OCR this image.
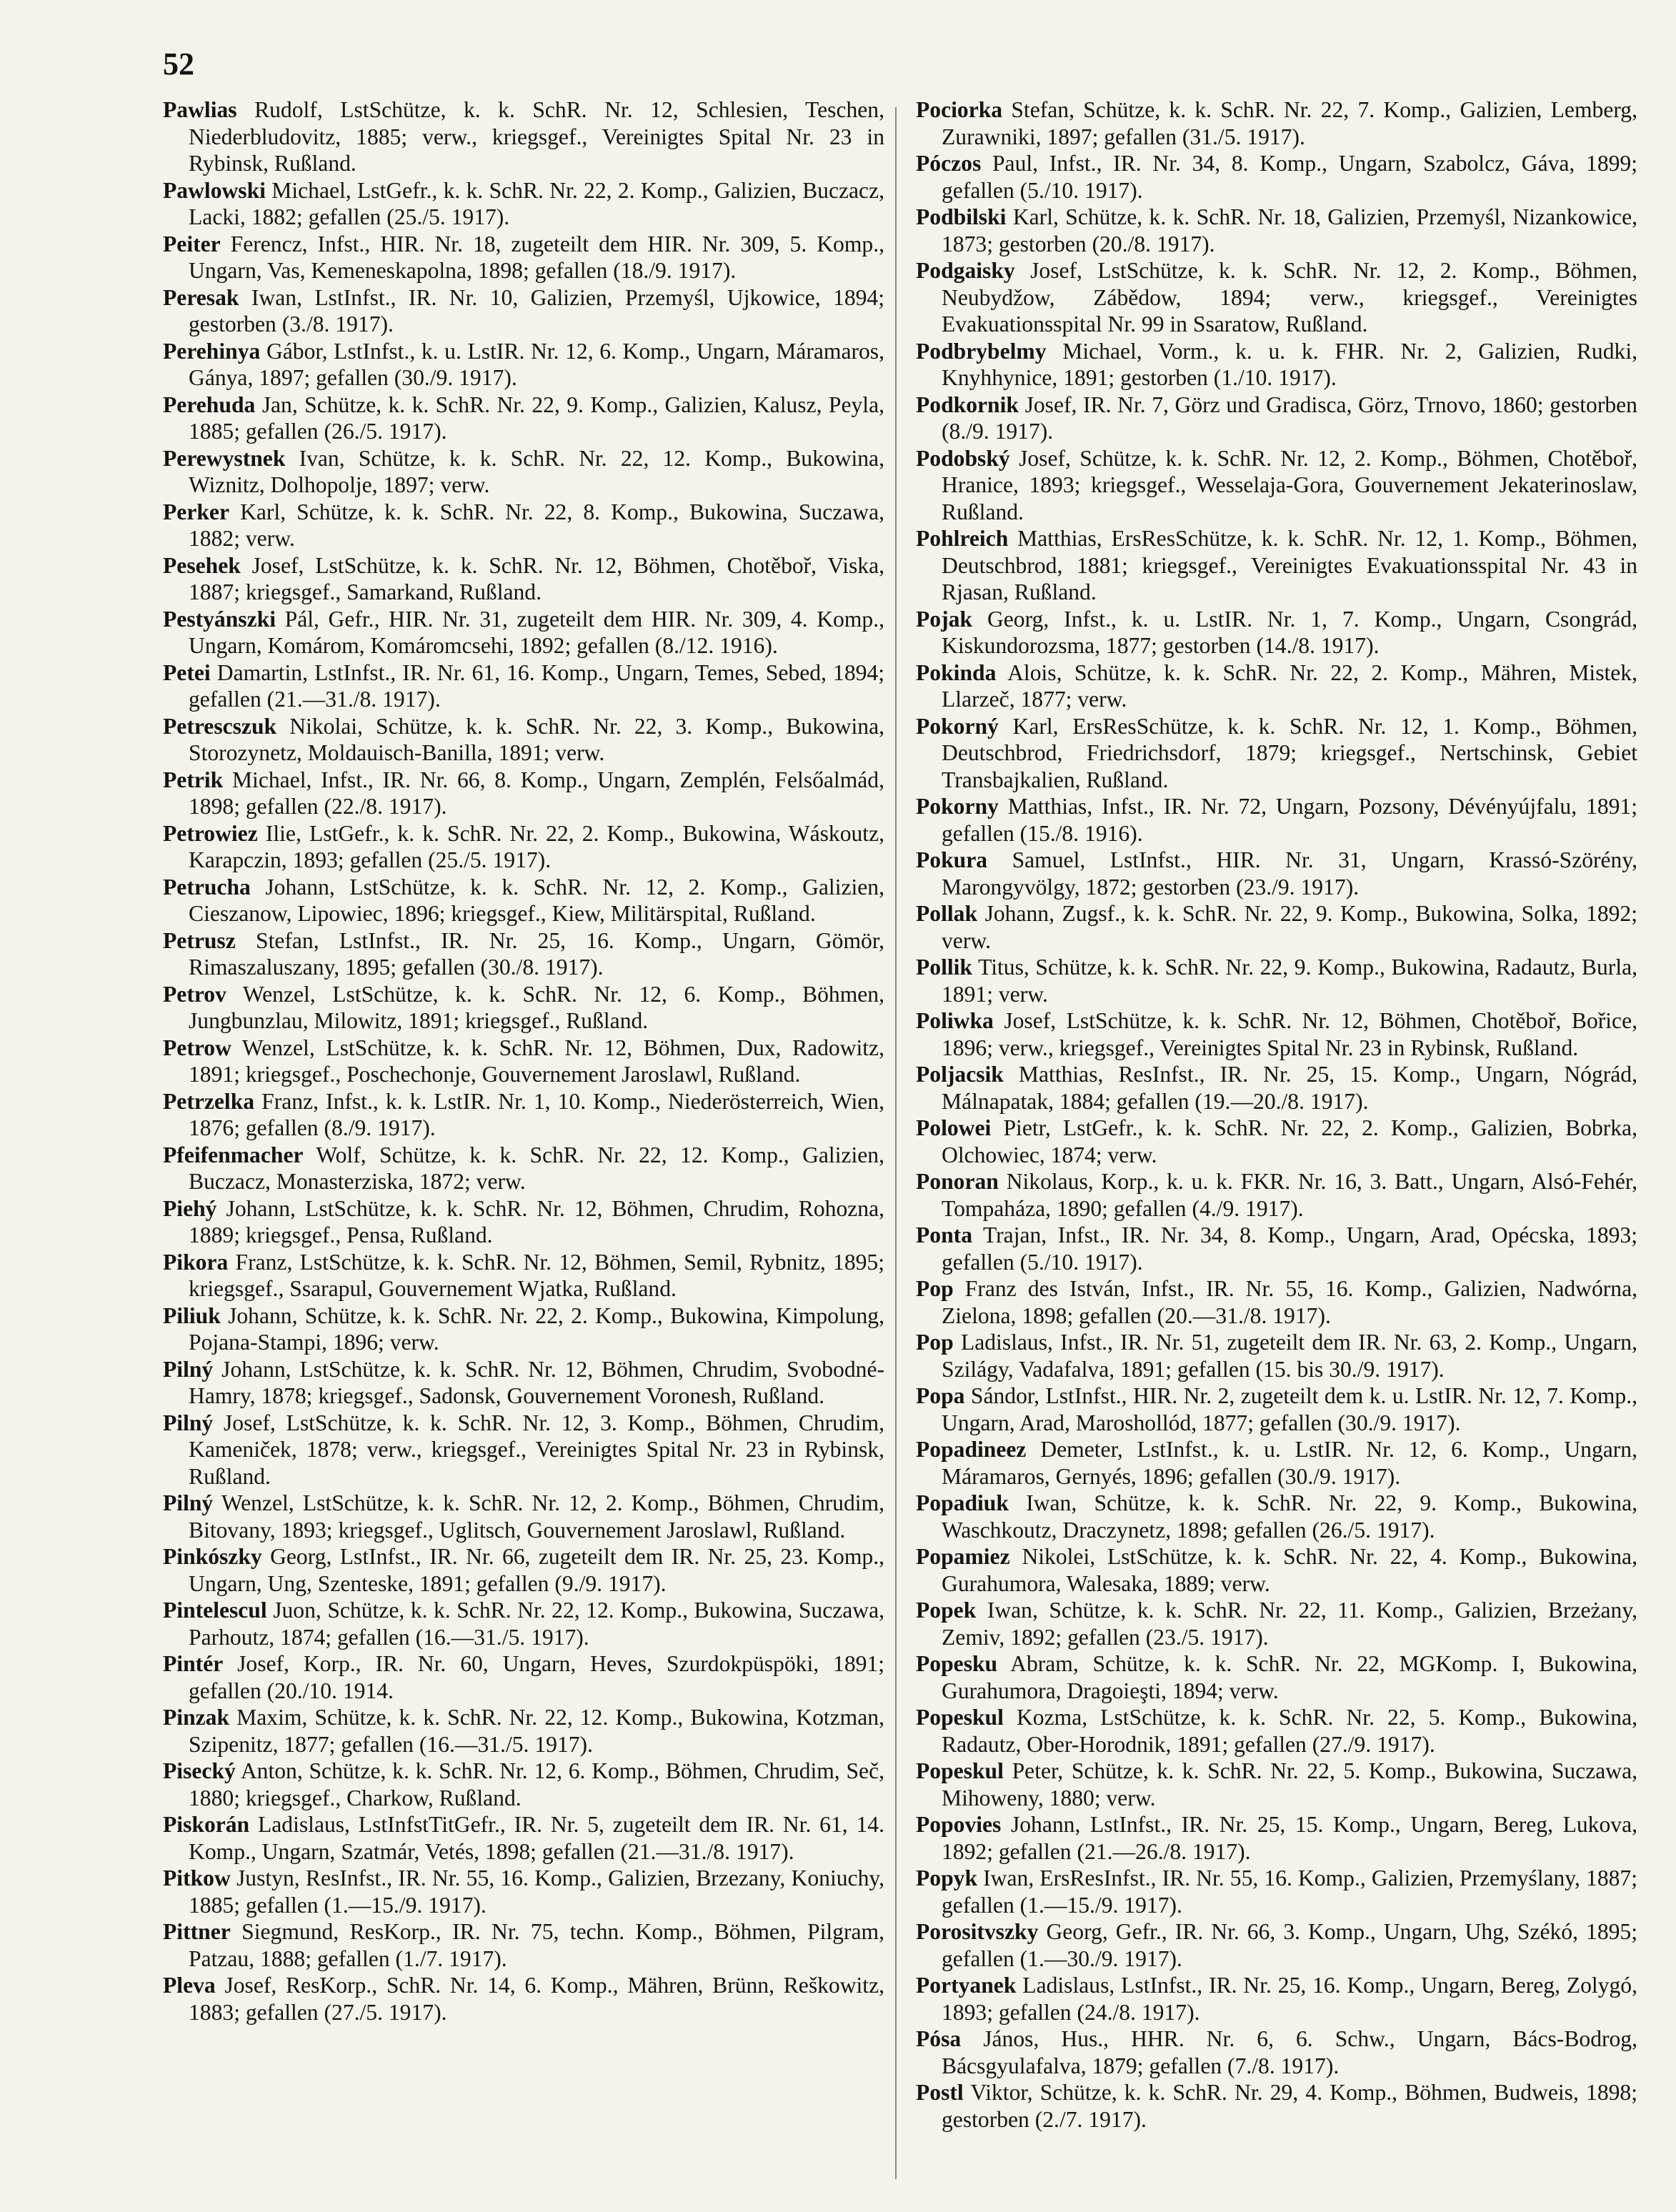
52

Pawlias Rudolf, LstSchütze, k. k. SchR. Nr. 12, Schlesien, Teschen, Niederbludovitz, 1885; verw., kriegsgef., Vereinigtes Spital Nr. 23 in Rybinsk, Rußland.

Pawlowski Michael, LstGefr., k. k. SchR. Nr. 22, 2. Komp., Galizien, Buczacz, Lacki, 1882; gefallen (25./5. 1917).

Peiter Ferencz, Infst., HIR. Nr. 18, zugeteilt dem HIR. Nr. 309, 5. Komp., Ungarn, Vas, Kemeneskapolna, 1898; gefallen (18./9. 1917).

Peresak Iwan, LstInfst., IR. Nr. 10, Galizien, Przemyśl, Ujkowice, 1894; gestorben (3./8. 1917).

Perehinya Gábor, LstInfst., k. u. LstIR. Nr. 12, 6. Komp., Ungarn, Máramaros, Gánya, 1897; gefallen (30./9. 1917).

Perehuda Jan, Schütze, k. k. SchR. Nr. 22, 9. Komp., Galizien, Kalusz, Peyla, 1885; gefallen (26./5. 1917).

Perewystnek Ivan, Schütze, k. k. SchR. Nr. 22, 12. Komp., Bukowina, Wiznitz, Dolhopolje, 1897; verw.

Perker Karl, Schütze, k. k. SchR. Nr. 22, 8. Komp., Bukowina, Suczawa, 1882; verw.

Pesehek Josef, LstSchütze, k. k. SchR. Nr. 12, Böhmen, Chotěboř, Viska, 1887; kriegsgef., Samarkand, Rußland.

Pestyánszki Pál, Gefr., HIR. Nr. 31, zugeteilt dem HIR. Nr. 309, 4. Komp., Ungarn, Komárom, Komáromcsehi, 1892; gefallen (8./12. 1916).

Petei Damartin, LstInfst., IR. Nr. 61, 16. Komp., Ungarn, Temes, Sebed, 1894; gefallen (21.—31./8. 1917).

Petrescszuk Nikolai, Schütze, k. k. SchR. Nr. 22, 3. Komp., Bukowina, Storozynetz, Moldauisch-Banilla, 1891; verw.

Petrik Michael, Infst., IR. Nr. 66, 8. Komp., Ungarn, Zemplén, Felsőalmád, 1898; gefallen (22./8. 1917).

Petrowiez Ilie, LstGefr., k. k. SchR. Nr. 22, 2. Komp., Bukowina, Wáskoutz, Karapczin, 1893; gefallen (25./5. 1917).

Petrucha Johann, LstSchütze, k. k. SchR. Nr. 12, 2. Komp., Galizien, Cieszanow, Lipowiec, 1896; kriegsgef., Kiew, Militärspital, Rußland.

Petrusz Stefan, LstInfst., IR. Nr. 25, 16. Komp., Ungarn, Gömör, Rimaszaluszany, 1895; gefallen (30./8. 1917).

Petrov Wenzel, LstSchütze, k. k. SchR. Nr. 12, 6. Komp., Böhmen, Jungbunzlau, Milowitz, 1891; kriegsgef., Rußland.

Petrow Wenzel, LstSchütze, k. k. SchR. Nr. 12, Böhmen, Dux, Radowitz, 1891; kriegsgef., Poschechonje, Gouvernement Jaroslawl, Rußland.

Petrzelka Franz, Infst., k. k. LstIR. Nr. 1, 10. Komp., Niederösterreich, Wien, 1876; gefallen (8./9. 1917).

Pfeifenmacher Wolf, Schütze, k. k. SchR. Nr. 22, 12. Komp., Galizien, Buczacz, Monasterziska, 1872; verw.

Piehý Johann, LstSchütze, k. k. SchR. Nr. 12, Böhmen, Chrudim, Rohozna, 1889; kriegsgef., Pensa, Rußland.

Pikora Franz, LstSchütze, k. k. SchR. Nr. 12, Böhmen, Semil, Rybnitz, 1895; kriegsgef., Ssarapul, Gouvernement Wjatka, Rußland.

Piliuk Johann, Schütze, k. k. SchR. Nr. 22, 2. Komp., Bukowina, Kimpolung, Pojana-Stampi, 1896; verw.

Pilný Johann, LstSchütze, k. k. SchR. Nr. 12, Böhmen, Chrudim, Svobodné-Hamry, 1878; kriegsgef., Sadonsk, Gouvernement Voronesh, Rußland.

Pilný Josef, LstSchütze, k. k. SchR. Nr. 12, 3. Komp., Böhmen, Chrudim, Kameniček, 1878; verw., kriegsgef., Vereinigtes Spital Nr. 23 in Rybinsk, Rußland.

Pilný Wenzel, LstSchütze, k. k. SchR. Nr. 12, 2. Komp., Böhmen, Chrudim, Bitovany, 1893; kriegsgef., Uglitsch, Gouvernement Jaroslawl, Rußland.

Pinkószky Georg, LstInfst., IR. Nr. 66, zugeteilt dem IR. Nr. 25, 23. Komp., Ungarn, Ung, Szenteske, 1891; gefallen (9./9. 1917).

Pintelescul Juon, Schütze, k. k. SchR. Nr. 22, 12. Komp., Bukowina, Suczawa, Parhoutz, 1874; gefallen (16.—31./5. 1917).

Pintér Josef, Korp., IR. Nr. 60, Ungarn, Heves, Szurdokpüspöki, 1891; gefallen (20./10. 1914.

Pinzak Maxim, Schütze, k. k. SchR. Nr. 22, 12. Komp., Bukowina, Kotzman, Szipenitz, 1877; gefallen (16.—31./5. 1917).

Pisecký Anton, Schütze, k. k. SchR. Nr. 12, 6. Komp., Böhmen, Chrudim, Seč, 1880; kriegsgef., Charkow, Rußland.

Piskorán Ladislaus, LstInfstTitGefr., IR. Nr. 5, zugeteilt dem IR. Nr. 61, 14. Komp., Ungarn, Szatmár, Vetés, 1898; gefallen (21.—31./8. 1917).

Pitkow Justyn, ResInfst., IR. Nr. 55, 16. Komp., Galizien, Brzezany, Koniuchy, 1885; gefallen (1.—15./9. 1917).

Pittner Siegmund, ResKorp., IR. Nr. 75, techn. Komp., Böhmen, Pilgram, Patzau, 1888; gefallen (1./7. 1917).

Pleva Josef, ResKorp., SchR. Nr. 14, 6. Komp., Mähren, Brünn, Reškowitz, 1883; gefallen (27./5. 1917).

Pociorka Stefan, Schütze, k. k. SchR. Nr. 22, 7. Komp., Galizien, Lemberg, Zurawniki, 1897; gefallen (31./5. 1917).

Póczos Paul, Infst., IR. Nr. 34, 8. Komp., Ungarn, Szabolcz, Gáva, 1899; gefallen (5./10. 1917).

Podbilski Karl, Schütze, k. k. SchR. Nr. 18, Galizien, Przemyśl, Nizankowice, 1873; gestorben (20./8. 1917).

Podgaisky Josef, LstSchütze, k. k. SchR. Nr. 12, 2. Komp., Böhmen, Neubydžow, Zábědow, 1894; verw., kriegsgef., Vereinigtes Evakuationsspital Nr. 99 in Ssaratow, Rußland.

Podbrybelmy Michael, Vorm., k. u. k. FHR. Nr. 2, Galizien, Rudki, Knyhhynice, 1891; gestorben (1./10. 1917).

Podkornik Josef, IR. Nr. 7, Görz und Gradisca, Görz, Trnovo, 1860; gestorben (8./9. 1917).

Podobský Josef, Schütze, k. k. SchR. Nr. 12, 2. Komp., Böhmen, Chotěboř, Hranice, 1893; kriegsgef., Wesselaja-Gora, Gouvernement Jekaterinoslaw, Rußland.

Pohlreich Matthias, ErsResSchütze, k. k. SchR. Nr. 12, 1. Komp., Böhmen, Deutschbrod, 1881; kriegsgef., Vereinigtes Evakuationsspital Nr. 43 in Rjasan, Rußland.

Pojak Georg, Infst., k. u. LstIR. Nr. 1, 7. Komp., Ungarn, Csongrád, Kiskundorozsma, 1877; gestorben (14./8. 1917).

Pokinda Alois, Schütze, k. k. SchR. Nr. 22, 2. Komp., Mähren, Mistek, Llarzeč, 1877; verw.

Pokorný Karl, ErsResSchütze, k. k. SchR. Nr. 12, 1. Komp., Böhmen, Deutschbrod, Friedrichsdorf, 1879; kriegsgef., Nertschinsk, Gebiet Transbajkalien, Rußland.

Pokorny Matthias, Infst., IR. Nr. 72, Ungarn, Pozsony, Dévényújfalu, 1891; gefallen (15./8. 1916).

Pokura Samuel, LstInfst., HIR. Nr. 31, Ungarn, Krassó-Szörény, Marongyvölgy, 1872; gestorben (23./9. 1917).

Pollak Johann, Zugsf., k. k. SchR. Nr. 22, 9. Komp., Bukowina, Solka, 1892; verw.

Pollik Titus, Schütze, k. k. SchR. Nr. 22, 9. Komp., Bukowina, Radautz, Burla, 1891; verw.

Poliwka Josef, LstSchütze, k. k. SchR. Nr. 12, Böhmen, Chotěboř, Bořice, 1896; verw., kriegsgef., Vereinigtes Spital Nr. 23 in Rybinsk, Rußland.

Poljacsik Matthias, ResInfst., IR. Nr. 25, 15. Komp., Ungarn, Nógrád, Málnapatak, 1884; gefallen (19.—20./8. 1917).

Polowei Pietr, LstGefr., k. k. SchR. Nr. 22, 2. Komp., Galizien, Bobrka, Olchowiec, 1874; verw.

Ponoran Nikolaus, Korp., k. u. k. FKR. Nr. 16, 3. Batt., Ungarn, Alsó-Fehér, Tompaháza, 1890; gefallen (4./9. 1917).

Ponta Trajan, Infst., IR. Nr. 34, 8. Komp., Ungarn, Arad, Opécska, 1893; gefallen (5./10. 1917).

Pop Franz des István, Infst., IR. Nr. 55, 16. Komp., Galizien, Nadwórna, Zielona, 1898; gefallen (20.—31./8. 1917).

Pop Ladislaus, Infst., IR. Nr. 51, zugeteilt dem IR. Nr. 63, 2. Komp., Ungarn, Szilágy, Vadafalva, 1891; gefallen (15. bis 30./9. 1917).

Popa Sándor, LstInfst., HIR. Nr. 2, zugeteilt dem k. u. LstIR. Nr. 12, 7. Komp., Ungarn, Arad, Maroshollód, 1877; gefallen (30./9. 1917).

Popadineez Demeter, LstInfst., k. u. LstIR. Nr. 12, 6. Komp., Ungarn, Máramaros, Gernyés, 1896; gefallen (30./9. 1917).

Popadiuk Iwan, Schütze, k. k. SchR. Nr. 22, 9. Komp., Bukowina, Waschkoutz, Draczynetz, 1898; gefallen (26./5. 1917).

Popamiez Nikolei, LstSchütze, k. k. SchR. Nr. 22, 4. Komp., Bukowina, Gurahumora, Walesaka, 1889; verw.

Popek Iwan, Schütze, k. k. SchR. Nr. 22, 11. Komp., Galizien, Brzeżany, Zemiv, 1892; gefallen (23./5. 1917).

Popesku Abram, Schütze, k. k. SchR. Nr. 22, MGKomp. I, Bukowina, Gurahumora, Dragoieşti, 1894; verw.

Popeskul Kozma, LstSchütze, k. k. SchR. Nr. 22, 5. Komp., Bukowina, Radautz, Ober-Horodnik, 1891; gefallen (27./9. 1917).

Popeskul Peter, Schütze, k. k. SchR. Nr. 22, 5. Komp., Bukowina, Suczawa, Mihoweny, 1880; verw.

Popovies Johann, LstInfst., IR. Nr. 25, 15. Komp., Ungarn, Bereg, Lukova, 1892; gefallen (21.—26./8. 1917).

Popyk Iwan, ErsResInfst., IR. Nr. 55, 16. Komp., Galizien, Przemyślany, 1887; gefallen (1.—15./9. 1917).

Porositvszky Georg, Gefr., IR. Nr. 66, 3. Komp., Ungarn, Uhg, Székó, 1895; gefallen (1.—30./9. 1917).

Portyanek Ladislaus, LstInfst., IR. Nr. 25, 16. Komp., Ungarn, Bereg, Zolygó, 1893; gefallen (24./8. 1917).

Pósa János, Hus., HHR. Nr. 6, 6. Schw., Ungarn, Bács-Bodrog, Bácsgyulafalva, 1879; gefallen (7./8. 1917).

Postl Viktor, Schütze, k. k. SchR. Nr. 29, 4. Komp., Böhmen, Budweis, 1898; gestorben (2./7. 1917).
